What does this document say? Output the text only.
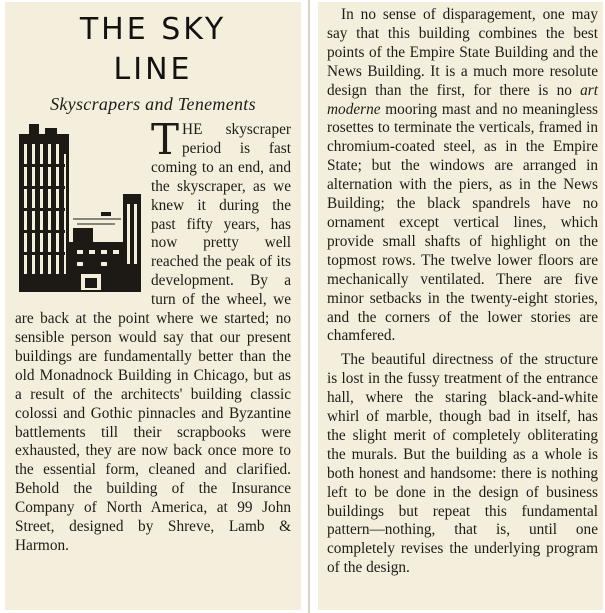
THE SKY
LINE
Skyscrapers and Tenements
T HE skyscraper period is fast coming to an end, and the skyscraper, as we knew it during the past fifty years, has now pretty well reached the peak of its development. By a turn of the wheel, we are back at the point where we started; no sensible person would say that our present buildings are fundamentally better than the old Monadnock Building in Chicago, but as a result of the architects' building classic colossi and Gothic pinnacles and Byzantine battlements till their scrapbooks were exhausted, they are now back once more to the essential form, cleaned and clarified. Behold the building of the Insurance Company of North America, at 99 John Street, designed by Shreve, Lamb & Harmon.

In no sense of disparagement, one may say that this building combines the best points of the Empire State Building and the News Building. It is a much more resolute design than the first, for there is no art moderne mooring mast and no meaningless rosettes to terminate the verticals, framed in chromium-coated steel, as in the Empire State; but the windows are arranged in alternation with the piers, as in the News Building; the black spandrels have no ornament except vertical lines, which provide small shafts of highlight on the topmost rows. The twelve lower floors are mechanically ventilated. There are five minor setbacks in the twenty-eight stories, and the corners of the lower stories are chamfered.

The beautiful directness of the structure is lost in the fussy treatment of the entrance hall, where the staring black-and-white whirl of marble, though bad in itself, has the slight merit of completely obliterating the murals. But the building as a whole is both honest and handsome: there is nothing left to be done in the design of business buildings but repeat this fundamental pattern—nothing, that is, until one completely revises the underlying program of the design.
